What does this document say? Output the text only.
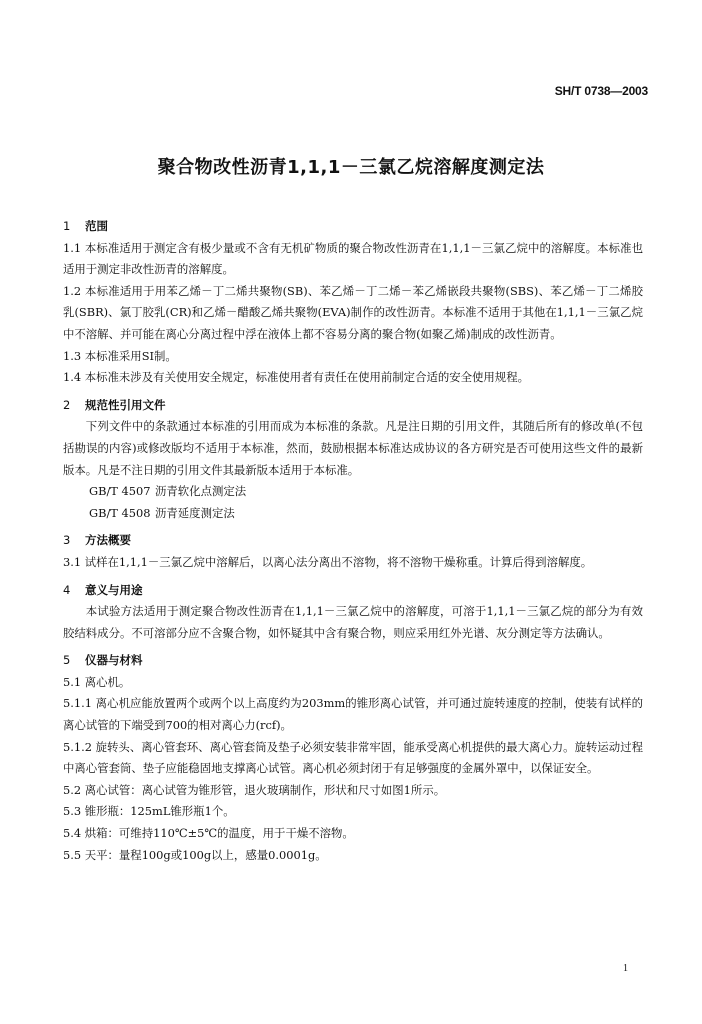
SH/T 0738—2003
聚合物改性沥青1,1,1－三氯乙烷溶解度测定法
1 范围

1.1 本标准适用于测定含有极少量或不含有无机矿物质的聚合物改性沥青在1,1,1－三氯乙烷中的溶解度。本标准也适用于测定非改性沥青的溶解度。

1.2 本标准适用于用苯乙烯－丁二烯共聚物(SB)、苯乙烯－丁二烯－苯乙烯嵌段共聚物(SBS)、苯乙烯－丁二烯胶乳(SBR)、氯丁胶乳(CR)和乙烯－醋酸乙烯共聚物(EVA)制作的改性沥青。本标准不适用于其他在1,1,1－三氯乙烷中不溶解、并可能在离心分离过程中浮在液体上都不容易分离的聚合物(如聚乙烯)制成的改性沥青。

1.3 本标准采用SI制。

1.4 本标准未涉及有关使用安全规定，标准使用者有责任在使用前制定合适的安全使用规程。

2 规范性引用文件

下列文件中的条款通过本标准的引用而成为本标准的条款。凡是注日期的引用文件，其随后所有的修改单(不包括勘误的内容)或修改版均不适用于本标准，然而，鼓励根据本标准达成协议的各方研究是否可使用这些文件的最新版本。凡是不注日期的引用文件其最新版本适用于本标准。

GB/T 4507 沥青软化点测定法

GB/T 4508 沥青延度测定法

3 方法概要

3.1 试样在1,1,1－三氯乙烷中溶解后，以离心法分离出不溶物，将不溶物干燥称重。计算后得到溶解度。

4 意义与用途

本试验方法适用于测定聚合物改性沥青在1,1,1－三氯乙烷中的溶解度，可溶于1,1,1－三氯乙烷的部分为有效胶结料成分。不可溶部分应不含聚合物，如怀疑其中含有聚合物，则应采用红外光谱、灰分测定等方法确认。

5 仪器与材料

5.1 离心机。

5.1.1 离心机应能放置两个或两个以上高度约为203mm的锥形离心试管，并可通过旋转速度的控制，使装有试样的离心试管的下端受到700的相对离心力(rcf)。

5.1.2 旋转头、离心管套环、离心管套筒及垫子必须安装非常牢固，能承受离心机提供的最大离心力。旋转运动过程中离心管套筒、垫子应能稳固地支撑离心试管。离心机必须封闭于有足够强度的金属外罩中，以保证安全。

5.2 离心试管：离心试管为锥形管，退火玻璃制作，形状和尺寸如图1所示。

5.3 锥形瓶：125mL锥形瓶1个。

5.4 烘箱：可维持110℃±5℃的温度，用于干燥不溶物。

5.5 天平：量程100g或100g以上，感量0.0001g。

1
